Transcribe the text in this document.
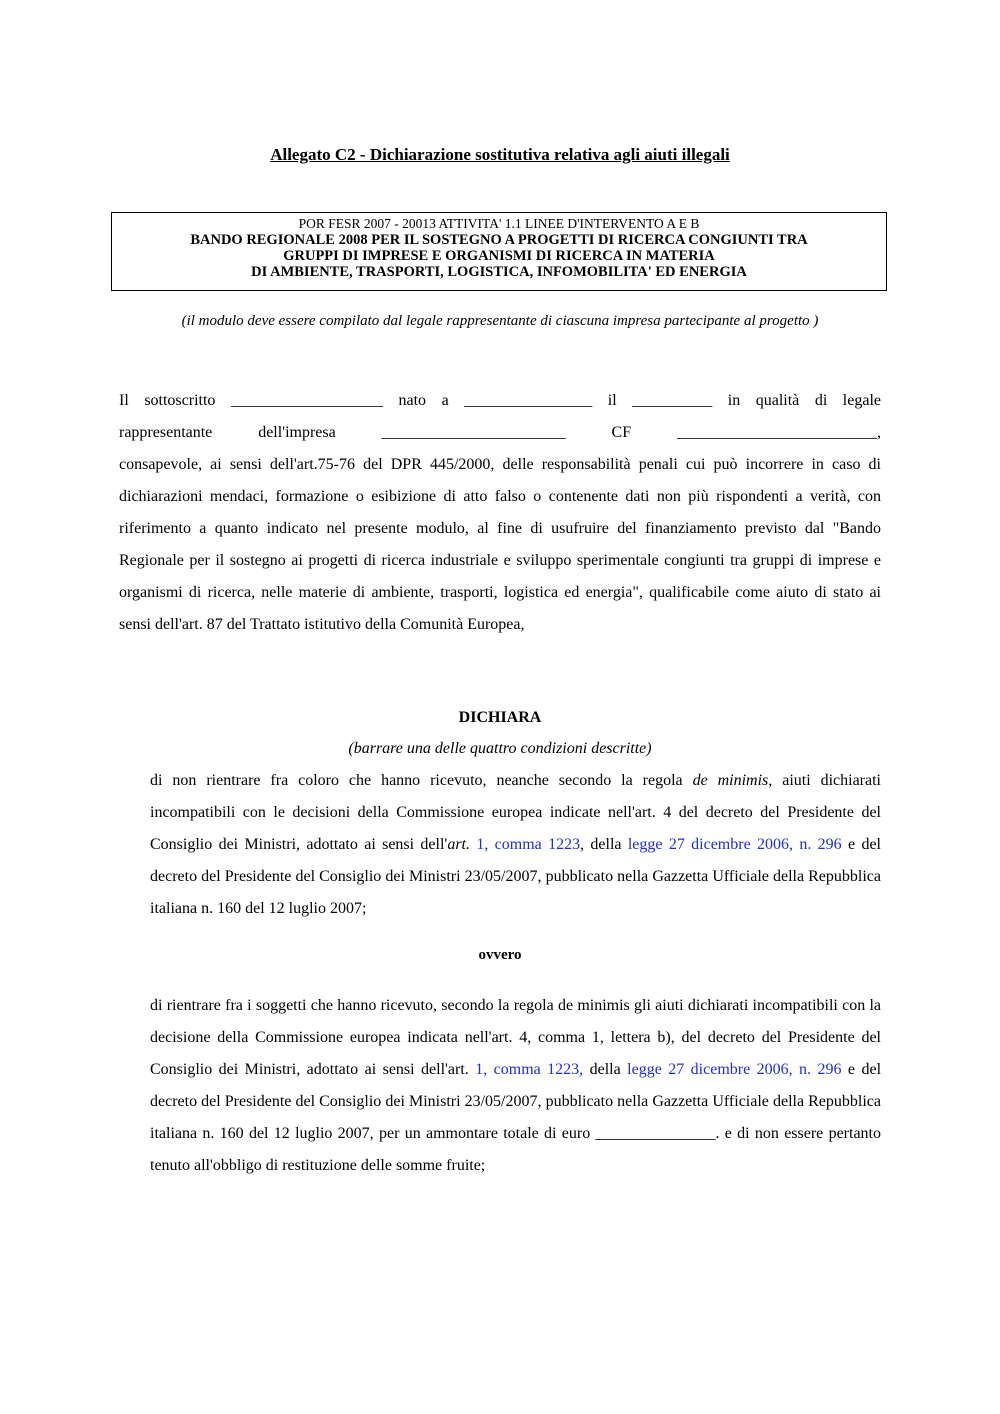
Allegato C2 - Dichiarazione sostitutiva relativa agli aiuti illegali
POR FESR 2007 - 20013 ATTIVITA' 1.1 LINEE D'INTERVENTO A E B
BANDO REGIONALE 2008 PER IL SOSTEGNO A PROGETTI DI RICERCA CONGIUNTI TRA
GRUPPI DI IMPRESE E ORGANISMI DI RICERCA IN MATERIA
DI AMBIENTE, TRASPORTI, LOGISTICA, INFOMOBILITA' ED ENERGIA
(il modulo deve essere compilato dal legale rappresentante di ciascuna impresa partecipante al progetto )
Il sottoscritto ___________________ nato a ________________ il __________ in qualità di legale
rappresentante dell'impresa _______________________ CF _________________________,
consapevole, ai sensi dell'art.75-76 del DPR 445/2000, delle responsabilità penali cui può incorrere in caso di dichiarazioni mendaci, formazione o esibizione di atto falso o contenente dati non più rispondenti a verità, con riferimento a quanto indicato nel presente modulo, al fine di usufruire del finanziamento previsto dal "Bando Regionale per il sostegno ai progetti di ricerca industriale e sviluppo sperimentale congiunti tra gruppi di imprese e organismi di ricerca, nelle materie di ambiente, trasporti, logistica ed energia", qualificabile come aiuto di stato ai sensi dell'art. 87 del Trattato istitutivo della Comunità Europea,
DICHIARA
(barrare una delle quattro condizioni descritte)

di non rientrare fra coloro che hanno ricevuto, neanche secondo la regola de minimis, aiuti dichiarati incompatibili con le decisioni della Commissione europea indicate nell'art. 4 del decreto del Presidente del Consiglio dei Ministri, adottato ai sensi dell'art. 1, comma 1223, della legge 27 dicembre 2006, n. 296 e del decreto del Presidente del Consiglio dei Ministri 23/05/2007, pubblicato nella Gazzetta Ufficiale della Repubblica italiana n. 160 del 12 luglio 2007;

ovvero

di rientrare fra i soggetti che hanno ricevuto, secondo la regola de minimis gli aiuti dichiarati incompatibili con la decisione della Commissione europea indicata nell'art. 4, comma 1, lettera b), del decreto del Presidente del Consiglio dei Ministri, adottato ai sensi dell'art. 1, comma 1223, della legge 27 dicembre 2006, n. 296 e del decreto del Presidente del Consiglio dei Ministri 23/05/2007, pubblicato nella Gazzetta Ufficiale della Repubblica italiana n. 160 del 12 luglio 2007, per un ammontare totale di euro _______________. e di non essere pertanto tenuto all'obbligo di restituzione delle somme fruite;
